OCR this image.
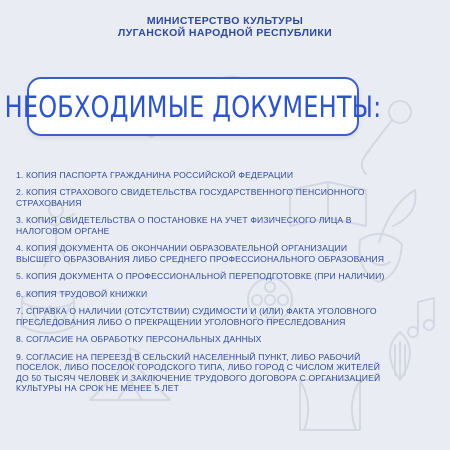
МИНИСТЕРСТВО КУЛЬТУРЫ
ЛУГАНСКОЙ НАРОДНОЙ РЕСПУБЛИКИ
НЕОБХОДИМЫЕ ДОКУМЕНТЫ:
1. КОПИЯ ПАСПОРТА ГРАЖДАНИНА РОССИЙСКОЙ ФЕДЕРАЦИИ
2. КОПИЯ СТРАХОВОГО СВИДЕТЕЛЬСТВА ГОСУДАРСТВЕННОГО ПЕНСИОННОГО
СТРАХОВАНИЯ
3. КОПИЯ СВИДЕТЕЛЬСТВА О ПОСТАНОВКЕ НА УЧЕТ ФИЗИЧЕСКОГО ЛИЦА В
НАЛОГОВОМ ОРГАНЕ
4. КОПИЯ ДОКУМЕНТА ОБ ОКОНЧАНИИ ОБРАЗОВАТЕЛЬНОЙ ОРГАНИЗАЦИИ
ВЫСШЕГО ОБРАЗОВАНИЯ ЛИБО СРЕДНЕГО ПРОФЕССИОНАЛЬНОГО ОБРАЗОВАНИЯ
5. КОПИЯ ДОКУМЕНТА О ПРОФЕССИОНАЛЬНОЙ ПЕРЕПОДГОТОВКЕ (ПРИ НАЛИЧИИ)
6. КОПИЯ ТРУДОВОЙ КНИЖКИ
7. СПРАВКА О НАЛИЧИИ (ОТСУТСТВИИ) СУДИМОСТИ И (ИЛИ) ФАКТА УГОЛОВНОГО
ПРЕСЛЕДОВАНИЯ ЛИБО О ПРЕКРАЩЕНИИ УГОЛОВНОГО ПРЕСЛЕДОВАНИЯ
8. СОГЛАСИЕ НА ОБРАБОТКУ ПЕРСОНАЛЬНЫХ ДАННЫХ
9. СОГЛАСИЕ НА ПЕРЕЕЗД В СЕЛЬСКИЙ НАСЕЛЕННЫЙ ПУНКТ, ЛИБО РАБОЧИЙ
ПОСЕЛОК, ЛИБО ПОСЕЛОК ГОРОДСКОГО ТИПА, ЛИБО ГОРОД С ЧИСЛОМ ЖИТЕЛЕЙ
ДО 50 ТЫСЯЧ ЧЕЛОВЕК И ЗАКЛЮЧЕНИЕ ТРУДОВОГО ДОГОВОРА С ОРГАНИЗАЦИЕЙ
КУЛЬТУРЫ НА СРОК НЕ МЕНЕЕ 5 ЛЕТ
